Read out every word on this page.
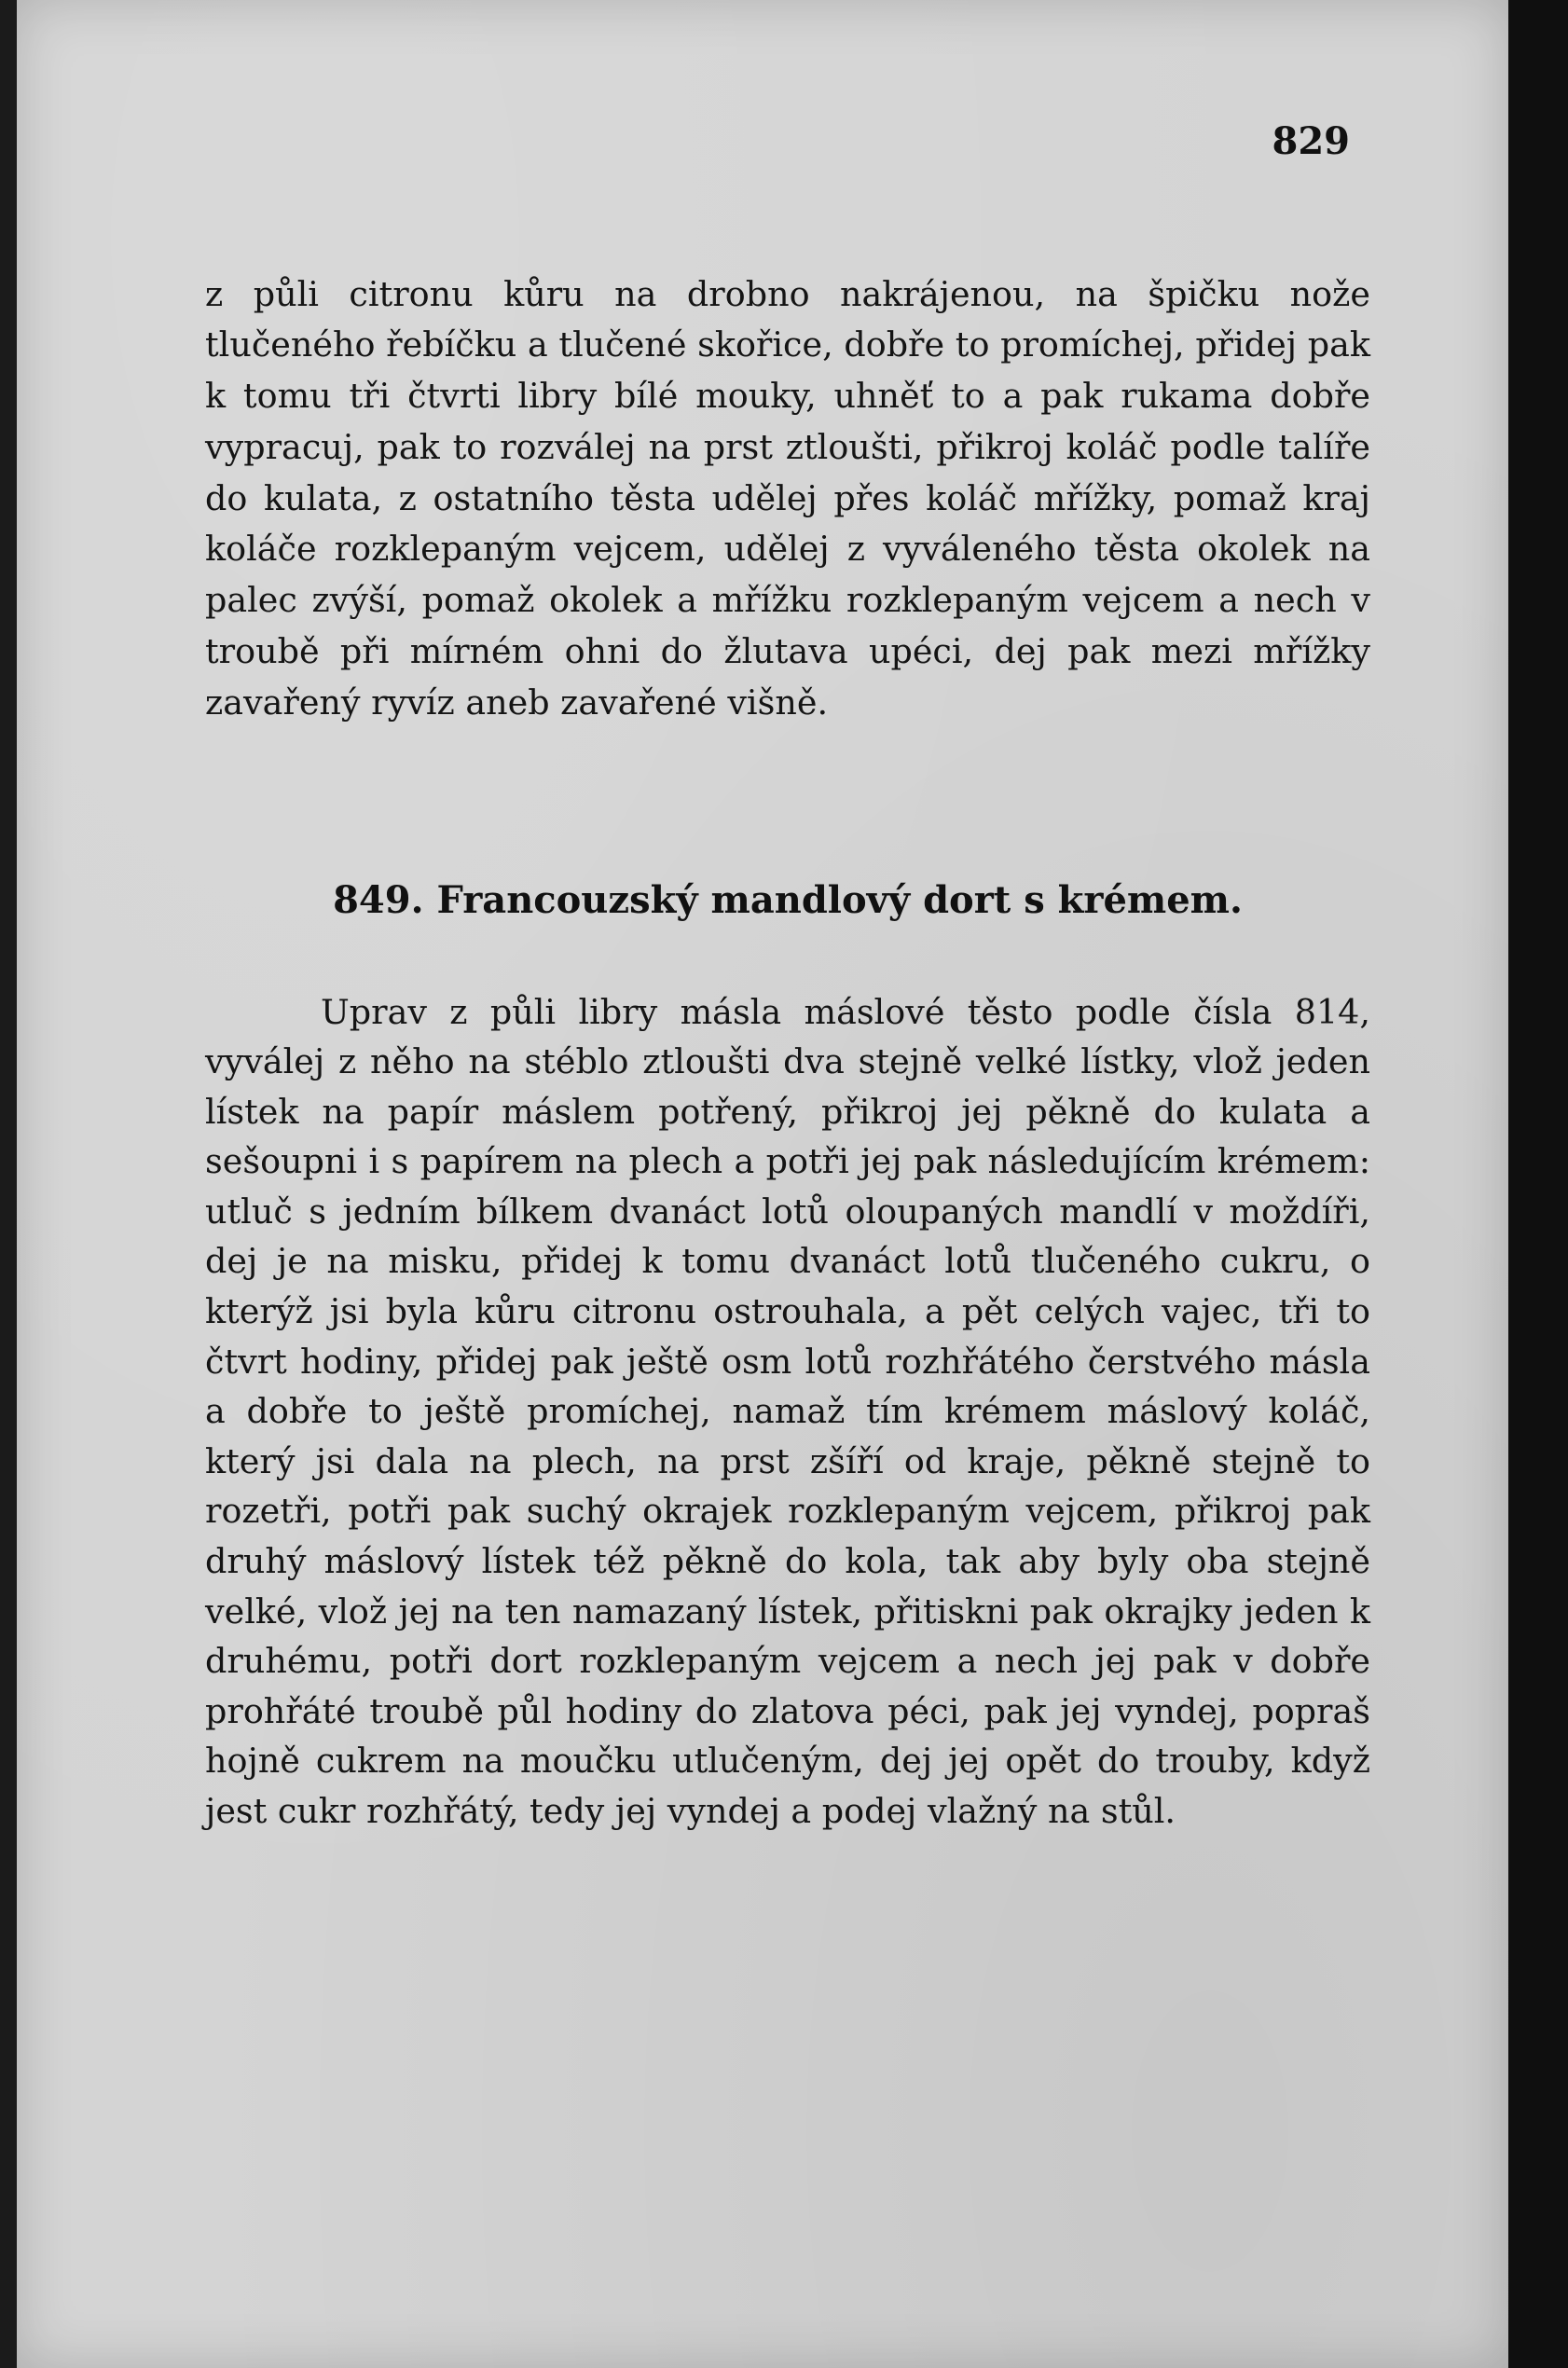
829

z půli citronu kůru na drobno nakrájenou, na špičku nože tlučeného řebíčku a tlučené skořice, dobře to promíchej, přidej pak k tomu tři čtvrti libry bílé mouky, uhněť to a pak rukama dobře vypracuj, pak to rozválej na prst ztloušti, přikroj koláč podle talíře do kulata, z ostatního těsta udělej přes koláč mřížky, pomaž kraj koláče rozklepaným vejcem, udělej z vyváleného těsta okolek na palec zvýší, pomaž okolek a mřížku rozklepaným vejcem a nech v troubě při mírném ohni do žlutava upéci, dej pak mezi mřížky zavařený ryvíz aneb zavařené višně.

849. Francouzský mandlový dort s krémem.

Uprav z půli libry másla máslové těsto podle čísla 814, vyválej z něho na stéblo ztloušti dva stejně velké lístky, vlož jeden lístek na papír máslem potřený, přikroj jej pěkně do kulata a sešoupni i s papírem na plech a potři jej pak následujícím krémem: utluč s jedním bílkem dvanáct lotů oloupaných mandlí v moždíři, dej je na misku, přidej k tomu dvanáct lotů tlučeného cukru, o kterýž jsi byla kůru citronu ostrouhala, a pět celých vajec, tři to čtvrt hodiny, přidej pak ještě osm lotů rozhřátého čerstvého másla a dobře to ještě promíchej, namaž tím krémem máslový koláč, který jsi dala na plech, na prst zšíří od kraje, pěkně stejně to rozetři, potři pak suchý okrajek rozklepaným vejcem, přikroj pak druhý máslový lístek též pěkně do kola, tak aby byly oba stejně velké, vlož jej na ten namazaný lístek, přitiskni pak okrajky jeden k druhému, potři dort rozklepaným vejcem a nech jej pak v dobře prohřáté troubě půl hodiny do zlatova péci, pak jej vyndej, popraš hojně cukrem na moučku utlučeným, dej jej opět do trouby, když jest cukr rozhřátý, tedy jej vyndej a podej vlažný na stůl.
